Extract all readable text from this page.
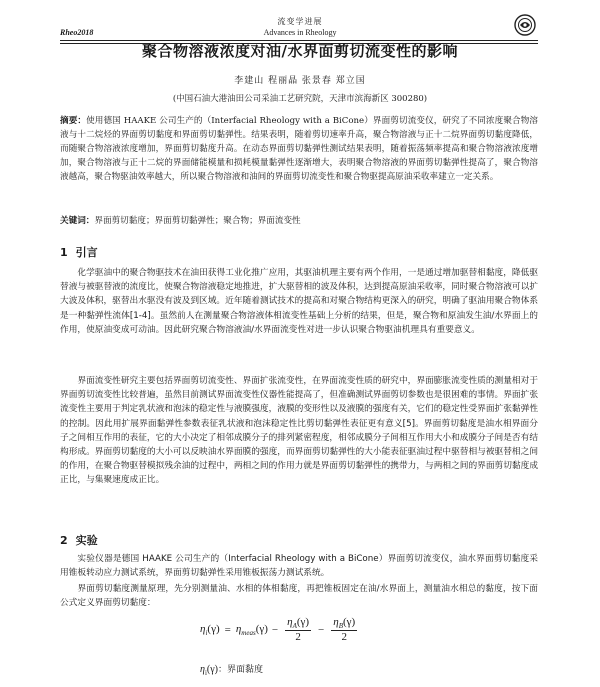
Rheo2018
流变学进展
Advances in Rheology
聚合物溶液浓度对油/水界面剪切流变性的影响
李建山 程丽晶 张景春 郑立国
(中国石油大港油田公司采油工艺研究院，天津市滨海新区 300280)
摘要：使用德国 HAAKE 公司生产的（Interfacial Rheology with a BiCone）界面剪切流变仪，研究了不同浓度聚合物溶液与十二烷烃的界面剪切黏度和界面剪切黏弹性。结果表明，随着剪切速率升高，聚合物溶液与正十二烷界面剪切黏度降低，而随聚合物溶液浓度增加，界面剪切黏度升高。在动态界面剪切黏弹性测试结果表明，随着振荡频率提高和聚合物溶液浓度增加，聚合物溶液与正十二烷的界面储能模量和损耗模量黏弹性逐渐增大，表明聚合物溶液的界面剪切黏弹性提高了，聚合物溶液越高，聚合物驱油效率越大，所以聚合物溶液和油间的界面剪切流变性和聚合物驱提高原油采收率建立一定关系。
关键词：界面剪切黏度；界面剪切黏弹性；聚合物；界面流变性
1 引言
化学驱油中的聚合物驱技术在油田获得工业化推广应用，其驱油机理主要有两个作用，一是通过增加驱替相黏度，降低驱替液与被驱替液的流度比，使聚合物溶液稳定地推进，扩大驱替相的波及体积，达到提高原油采收率，同时聚合物溶液可以扩大波及体积，驱替出水驱没有波及到区域。近年随着测试技术的提高和对聚合物结构更深入的研究，明确了驱油用聚合物体系是一种黏弹性流体[1-4]。虽然前人在测量聚合物溶液体相流变性基础上分析的结果，但是，聚合物和原油发生油/水界面上的作用，使原油变成可动油。因此研究聚合物溶液油/水界面流变性对进一步认识聚合物驱油机理具有重要意义。
界面流变性研究主要包括界面剪切流变性、界面扩张流变性，在界面流变性质的研究中，界面膨胀流变性质的测量相对于界面剪切流变性比较普遍，虽然目前测试界面流变性仪器性能提高了，但准确测试界面剪切参数也是很困难的事情。界面扩张流变性主要用于判定乳状液和泡沫的稳定性与液膜强度，液膜的变形性以及液膜的强度有关，它们的稳定性受界面扩张黏弹性的控制。因此用扩展界面黏弹性参数表征乳状液和泡沫稳定性比剪切黏弹性表征更有意义[5]。界面剪切黏度是油水相界面分子之间相互作用的表征，它的大小决定了相邻成膜分子的排列紧密程度，相邻成膜分子间相互作用大小和成膜分子间是否有结构形成。界面剪切黏度的大小可以反映油水界面膜的强度，而界面剪切黏弹性的大小能表征驱油过程中驱替相与被驱替相之间的作用，在聚合物驱替模拟残余油的过程中，两相之间的作用力就是界面剪切黏弹性的携带力，与两相之间的界面剪切黏度成正比，与集聚速度成正比。
2 实验
实验仪器是德国 HAAKE 公司生产的（Interfacial Rheology with a BiCone）界面剪切流变仪，油水界面剪切黏度采用锥板转动应力测试系统，界面剪切黏弹性采用锥板振荡力测试系统。
界面剪切黏度测量原理，先分别测量油、水相的体相黏度，再把锥板固定在油/水界面上，测量油水相总的黏度，按下面公式定义界面剪切黏度：
$\eta_i(\gamma) = \eta_{meas}(\gamma) - \frac{\eta_A(\gamma)}{2} - \frac{\eta_B(\gamma)}{2}$
$\eta_i(\gamma)$：界面黏度
